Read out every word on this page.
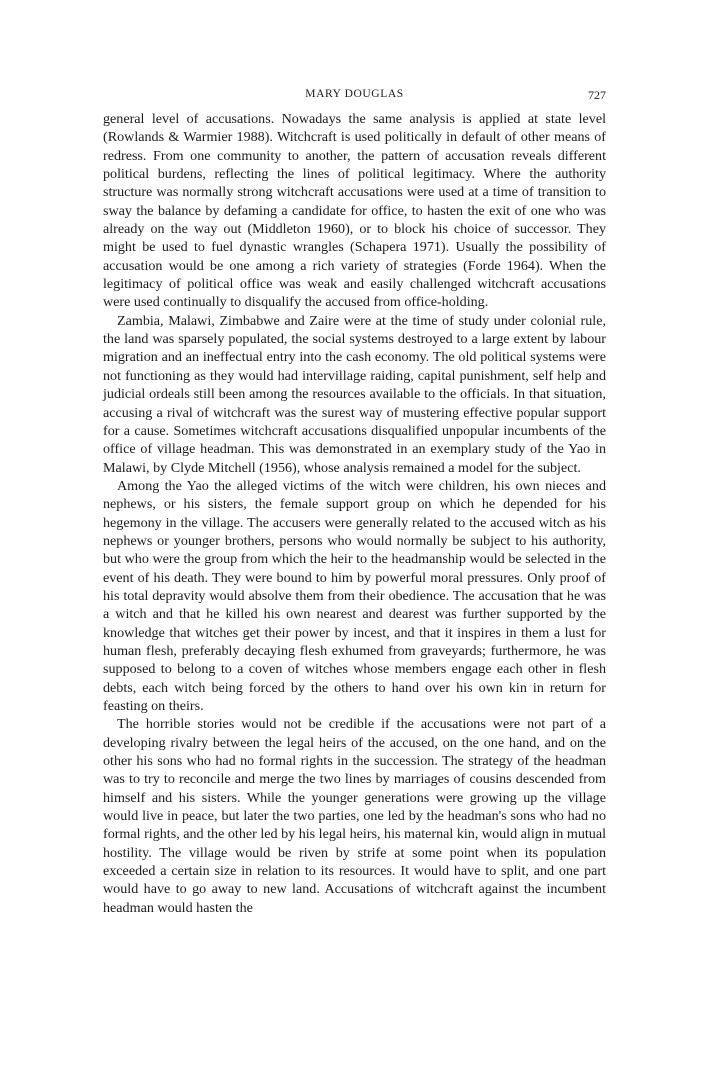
MARY DOUGLAS	727

general level of accusations. Nowadays the same analysis is applied at state level (Rowlands & Warmier 1988). Witchcraft is used politically in default of other means of redress. From one community to another, the pattern of accusation reveals different political burdens, reflecting the lines of political legitimacy. Where the authority structure was normally strong witchcraft accusations were used at a time of transition to sway the balance by defaming a candidate for office, to hasten the exit of one who was already on the way out (Middleton 1960), or to block his choice of successor. They might be used to fuel dynastic wrangles (Schapera 1971). Usually the possibility of accusation would be one among a rich variety of strategies (Forde 1964). When the legitimacy of political office was weak and easily challenged witchcraft accusations were used continually to disqualify the accused from office-holding.

Zambia, Malawi, Zimbabwe and Zaire were at the time of study under colonial rule, the land was sparsely populated, the social systems destroyed to a large extent by labour migration and an ineffectual entry into the cash economy. The old political systems were not functioning as they would had intervillage raiding, capital punishment, self help and judicial ordeals still been among the resources available to the officials. In that situation, accusing a rival of witchcraft was the surest way of mustering effective popular support for a cause. Sometimes witchcraft accusations disqualified unpopular incumbents of the office of village headman. This was demonstrated in an exemplary study of the Yao in Malawi, by Clyde Mitchell (1956), whose analysis remained a model for the subject.

Among the Yao the alleged victims of the witch were children, his own nieces and nephews, or his sisters, the female support group on which he depended for his hegemony in the village. The accusers were generally related to the accused witch as his nephews or younger brothers, persons who would normally be subject to his authority, but who were the group from which the heir to the headmanship would be selected in the event of his death. They were bound to him by powerful moral pressures. Only proof of his total depravity would absolve them from their obedience. The accusation that he was a witch and that he killed his own nearest and dearest was further supported by the knowledge that witches get their power by incest, and that it inspires in them a lust for human flesh, preferably decaying flesh exhumed from graveyards; furthermore, he was supposed to belong to a coven of witches whose members engage each other in flesh debts, each witch being forced by the others to hand over his own kin in return for feasting on theirs.

The horrible stories would not be credible if the accusations were not part of a developing rivalry between the legal heirs of the accused, on the one hand, and on the other his sons who had no formal rights in the succession. The strategy of the headman was to try to reconcile and merge the two lines by marriages of cousins descended from himself and his sisters. While the younger generations were growing up the village would live in peace, but later the two parties, one led by the headman's sons who had no formal rights, and the other led by his legal heirs, his maternal kin, would align in mutual hostility. The village would be riven by strife at some point when its population exceeded a certain size in relation to its resources. It would have to split, and one part would have to go away to new land. Accusations of witchcraft against the incumbent headman would hasten the
